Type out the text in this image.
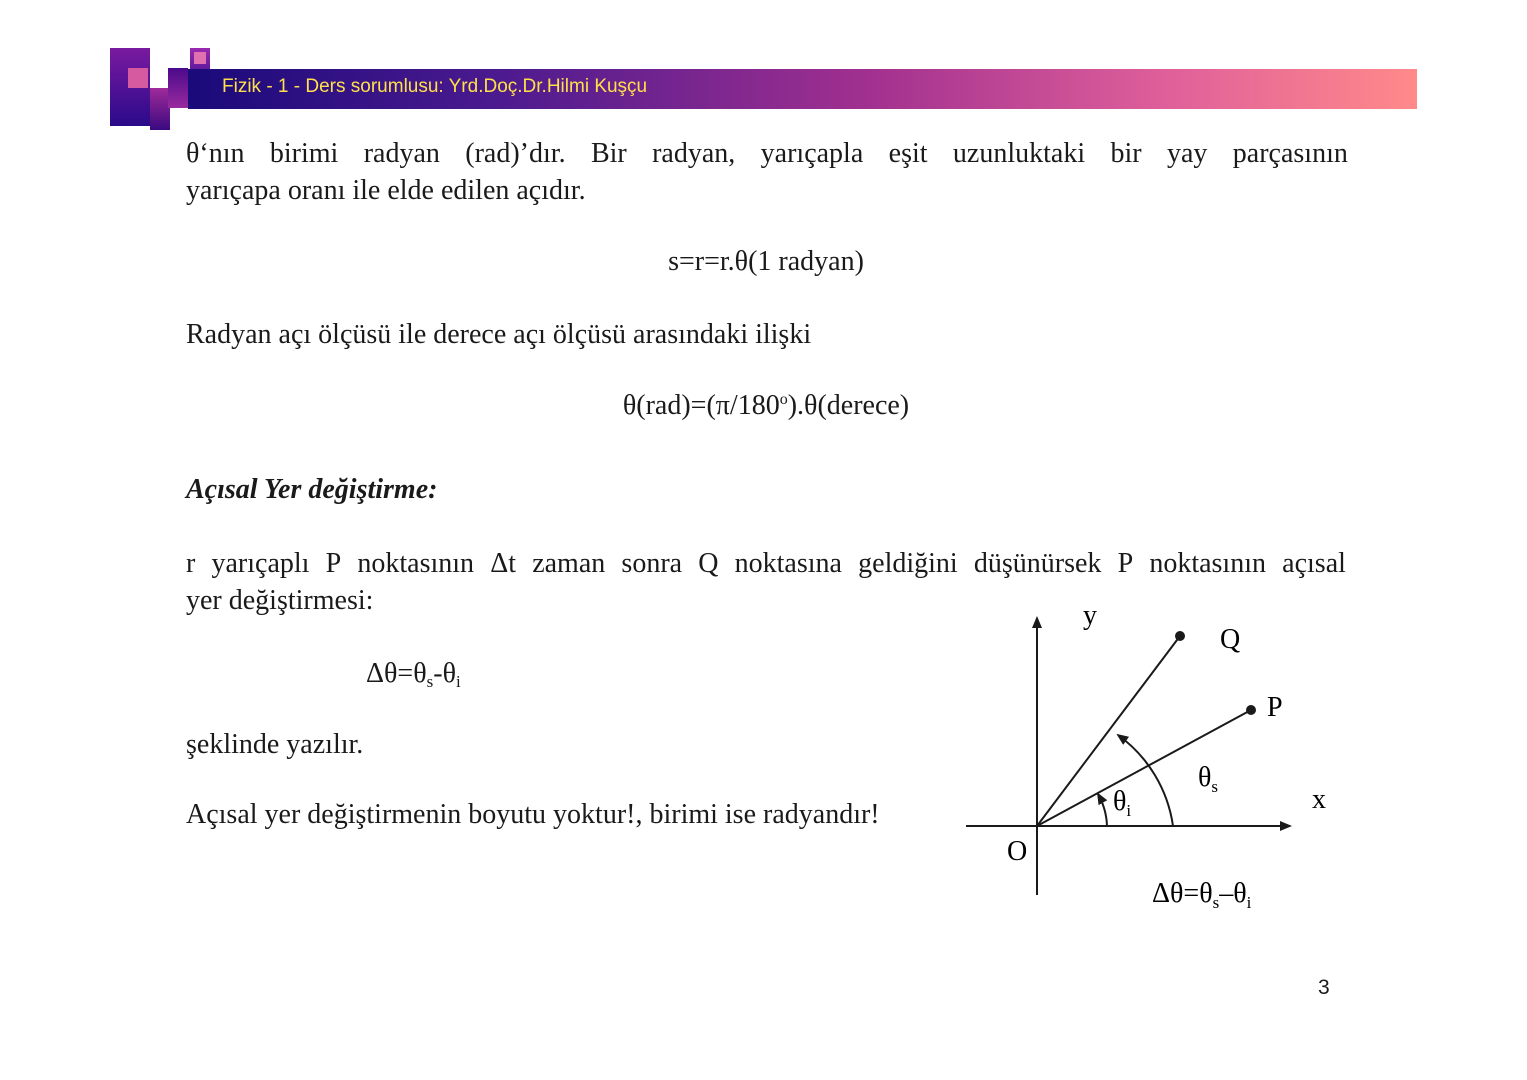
Fizik - 1 - Ders sorumlusu: Yrd.Doç.Dr.Hilmi Kuşçu
θ‘nın birimi radyan (rad)’dır. Bir radyan, yarıçapla eşit uzunluktaki bir yay parçasının
yarıçapa oranı ile elde edilen açıdır.
s=r=r.θ(1 radyan)
Radyan açı ölçüsü ile derece açı ölçüsü arasındaki ilişki
$\theta(rad)=(\pi/180^o).\theta(derece)$
Açısal Yer değiştirme:
r yarıçaplı P noktasının Δt zaman sonra Q noktasına geldiğini düşünürsek P noktasının açısal
yer değiştirmesi:
$\Delta\theta=\theta_s-\theta_i$
şeklinde yazılır.
Açısal yer değiştirmenin boyutu yoktur!, birimi ise radyandır!
y
Q
P
x
O
$\theta_s$
$\theta_i$
$\Delta\theta=\theta_s-\theta_i$
3
